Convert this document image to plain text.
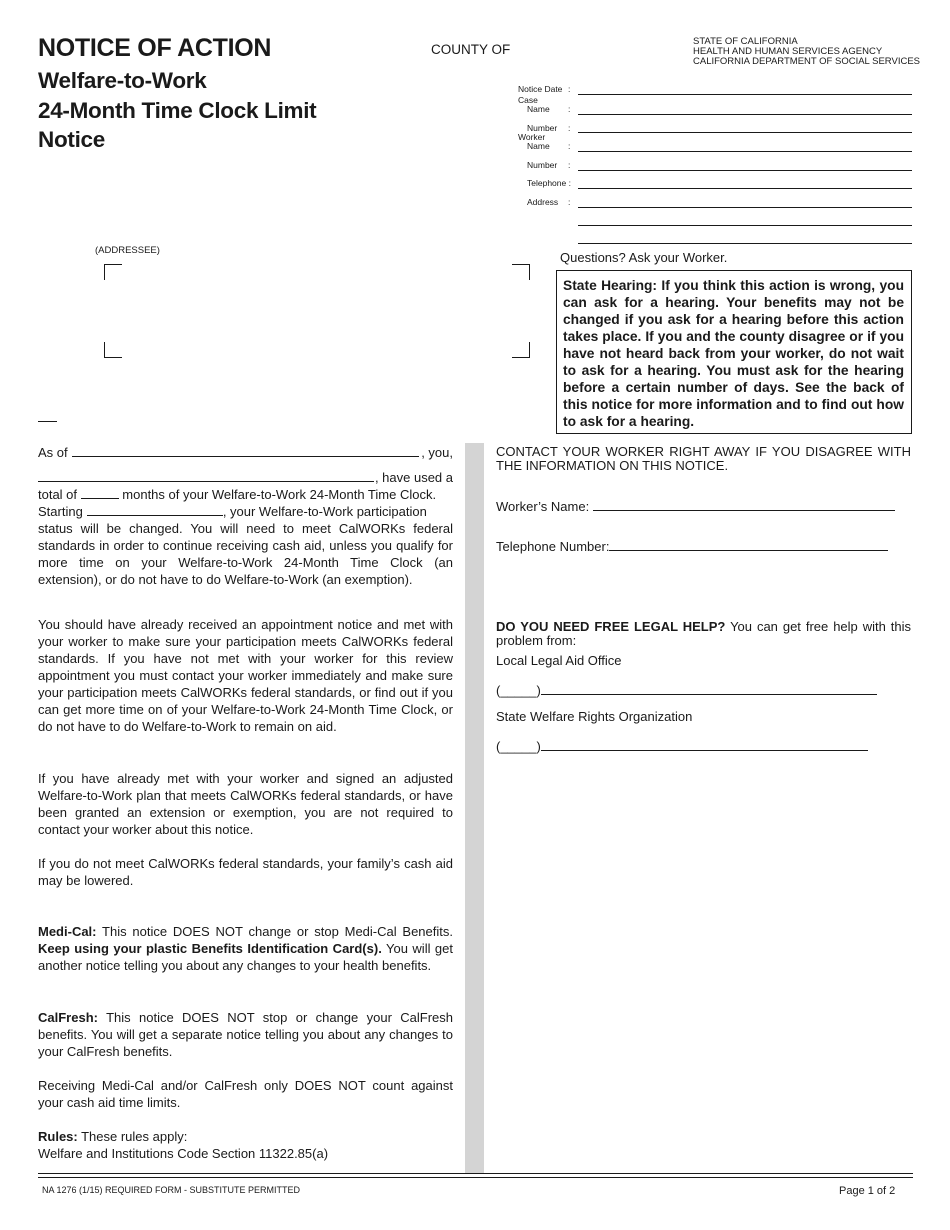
NOTICE OF ACTION
Welfare-to-Work
24-Month Time Clock Limit
Notice
COUNTY OF
STATE OF CALIFORNIA
HEALTH AND HUMAN SERVICES AGENCY
CALIFORNIA DEPARTMENT OF SOCIAL SERVICES
Notice Date :
Case
Name :
Number :
Worker
Name :
Number :
Telephone :
Address :
(ADDRESSEE)	Questions? Ask your Worker.
State Hearing: If you think this action is wrong, you can ask for a hearing. Your benefits may not be changed if you ask for a hearing before this action takes place. If you and the county disagree or if you have not heard back from your worker, do not wait to ask for a hearing. You must ask for the hearing before a certain number of days. See the back of this notice for more information and to find out how to ask for a hearing.
As of	, you,
, have used a
total of	months of your Welfare-to-Work 24-Month Time Clock.
Starting	, your Welfare-to-Work participation
status will be changed. You will need to meet CalWORKs federal standards in order to continue receiving cash aid, unless you qualify for more time on your Welfare-to-Work 24-Month Time Clock (an extension), or do not have to do Welfare-to-Work (an exemption).
You should have already received an appointment notice and met with your worker to make sure your participation meets CalWORKs federal standards. If you have not met with your worker for this review appointment you must contact your worker immediately and make sure your participation meets CalWORKs federal standards, or find out if you can get more time on of your Welfare-to-Work 24-Month Time Clock, or do not have to do Welfare-to-Work to remain on aid.
If you have already met with your worker and signed an adjusted Welfare-to-Work plan that meets CalWORKs federal standards, or have been granted an extension or exemption, you are not required to contact your worker about this notice.
If you do not meet CalWORKs federal standards, your family’s cash aid may be lowered.
Medi-Cal: This notice DOES NOT change or stop Medi-Cal Benefits. Keep using your plastic Benefits Identification Card(s). You will get another notice telling you about any changes to your health benefits.
CalFresh: This notice DOES NOT stop or change your CalFresh benefits. You will get a separate notice telling you about any changes to your CalFresh benefits.
Receiving Medi-Cal and/or CalFresh only DOES NOT count against your cash aid time limits.
Rules: These rules apply:
Welfare and Institutions Code Section 11322.85(a)
CONTACT YOUR WORKER RIGHT AWAY IF YOU DISAGREE WITH THE INFORMATION ON THIS NOTICE.
Worker’s Name:
Telephone Number:
DO YOU NEED FREE LEGAL HELP? You can get free help with this problem from:
Local Legal Aid Office
(_____)
State Welfare Rights Organization
(_____)
NA 1276 (1/15) REQUIRED FORM - SUBSTITUTE PERMITTED	Page 1 of 2
